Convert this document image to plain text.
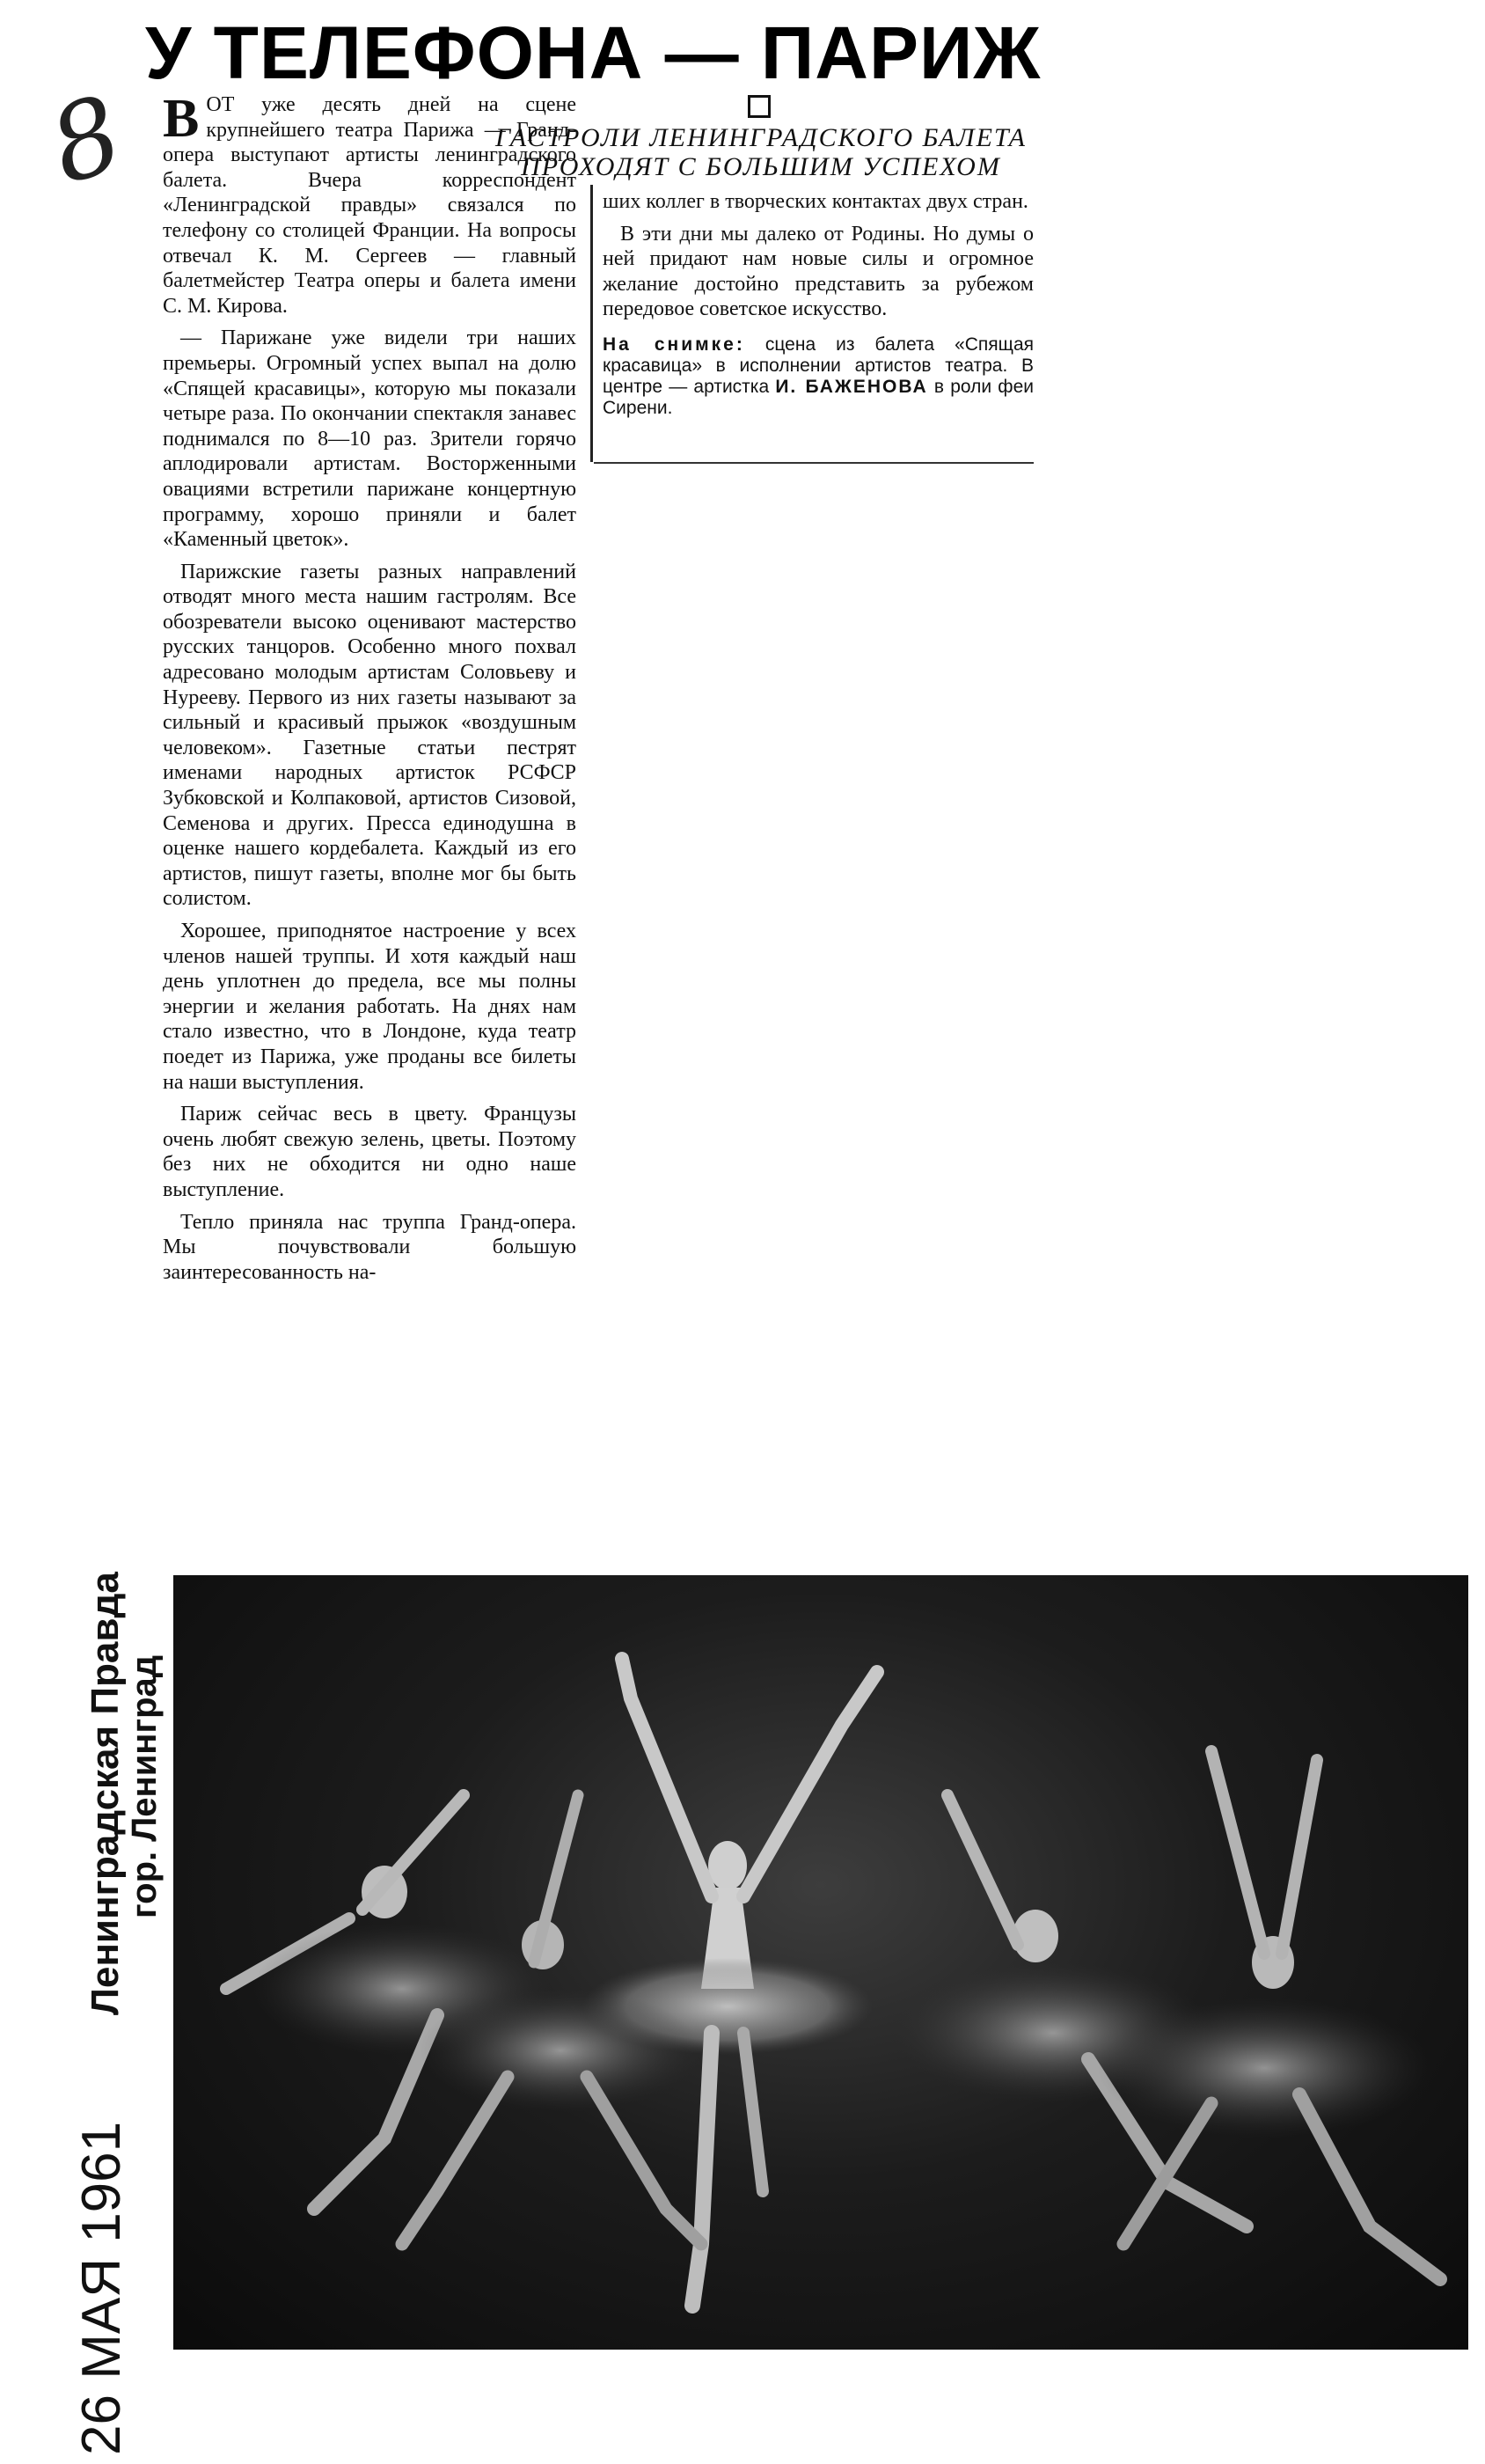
8
У ТЕЛЕФОНА — ПАРИЖ
ГАСТРОЛИ ЛЕНИНГРАДСКОГО БАЛЕТА ПРОХОДЯТ С БОЛЬШИМ УСПЕХОМ

ВОТ уже десять дней на сцене крупнейшего театра Парижа — Гранд-опера выступают артисты ленинградского балета. Вчера корреспондент «Ленинградской правды» связался по телефону со столицей Франции. На вопросы отвечал К. М. Сергеев — главный балетмейстер Театра оперы и балета имени С. М. Кирова.

— Парижане уже видели три наших премьеры. Огромный успех выпал на долю «Спящей красавицы», которую мы показали четыре раза. По окончании спектакля занавес поднимался по 8—10 раз. Зрители горячо аплодировали артистам. Восторженными овациями встретили парижане концертную программу, хорошо приняли и балет «Каменный цветок».

Парижские газеты разных направлений отводят много места нашим гастролям. Все обозреватели высоко оценивают мастерство русских танцоров. Особенно много похвал адресовано молодым артистам Соловьеву и Нурееву. Первого из них газеты называют за сильный и красивый прыжок «воздушным человеком». Газетные статьи пестрят именами народных артисток РСФСР Зубковской и Колпаковой, артистов Сизовой, Семенова и других. Пресса единодушна в оценке нашего кордебалета. Каждый из его артистов, пишут газеты, вполне мог бы быть солистом.

Хорошее, приподнятое настроение у всех членов нашей труппы. И хотя каждый наш день уплотнен до предела, все мы полны энергии и желания работать. На днях нам стало известно, что в Лондоне, куда театр поедет из Парижа, уже проданы все билеты на наши выступления.

Париж сейчас весь в цвету. Французы очень любят свежую зелень, цветы. Поэтому без них не обходится ни одно наше выступление.

Тепло приняла нас труппа Гранд-опера. Мы почувствовали большую заинтересованность на-

ших коллег в творческих контактах двух стран.

В эти дни мы далеко от Родины. Но думы о ней придают нам новые силы и огромное желание достойно представить за рубежом передовое советское искусство.

На снимке: сцена из балета «Спящая красавица» в исполнении артистов театра. В центре — артистка И. БАЖЕНОВА в роли феи Сирени.
Ленинградская Правда
гор. Ленинград
26 МАЯ 1961
